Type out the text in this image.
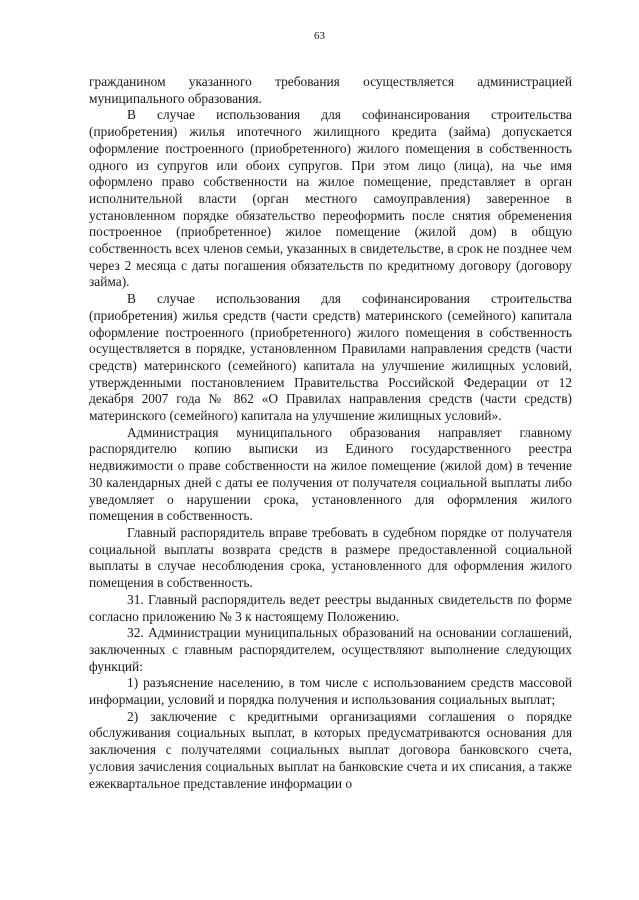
63

гражданином указанного требования осуществляется администрацией муниципального образования.

В случае использования для софинансирования строительства (приобретения) жилья ипотечного жилищного кредита (займа) допускается оформление построенного (приобретенного) жилого помещения в собственность одного из супругов или обоих супругов. При этом лицо (лица), на чье имя оформлено право собственности на жилое помещение, представляет в орган исполнительной власти (орган местного самоуправления) заверенное в установленном порядке обязательство переоформить после снятия обременения построенное (приобретенное) жилое помещение (жилой дом) в общую собственность всех членов семьи, указанных в свидетельстве, в срок не позднее чем через 2 месяца с даты погашения обязательств по кредитному договору (договору займа).

В случае использования для софинансирования строительства (приобретения) жилья средств (части средств) материнского (семейного) капитала оформление построенного (приобретенного) жилого помещения в собственность осуществляется в порядке, установленном Правилами направления средств (части средств) материнского (семейного) капитала на улучшение жилищных условий, утвержденными постановлением Правительства Российской Федерации от 12 декабря 2007 года № 862 «О Правилах направления средств (части средств) материнского (семейного) капитала на улучшение жилищных условий».

Администрация муниципального образования направляет главному распорядителю копию выписки из Единого государственного реестра недвижимости о праве собственности на жилое помещение (жилой дом) в течение 30 календарных дней с даты ее получения от получателя социальной выплаты либо уведомляет о нарушении срока, установленного для оформления жилого помещения в собственность.

Главный распорядитель вправе требовать в судебном порядке от получателя социальной выплаты возврата средств в размере предоставленной социальной выплаты в случае несоблюдения срока, установленного для оформления жилого помещения в собственность.

31. Главный распорядитель ведет реестры выданных свидетельств по форме согласно приложению № 3 к настоящему Положению.

32. Администрации муниципальных образований на основании соглашений, заключенных с главным распорядителем, осуществляют выполнение следующих функций:

1) разъяснение населению, в том числе с использованием средств массовой информации, условий и порядка получения и использования социальных выплат;

2) заключение с кредитными организациями соглашения о порядке обслуживания социальных выплат, в которых предусматриваются основания для заключения с получателями социальных выплат договора банковского счета, условия зачисления социальных выплат на банковские счета и их списания, а также ежеквартальное представление информации о
